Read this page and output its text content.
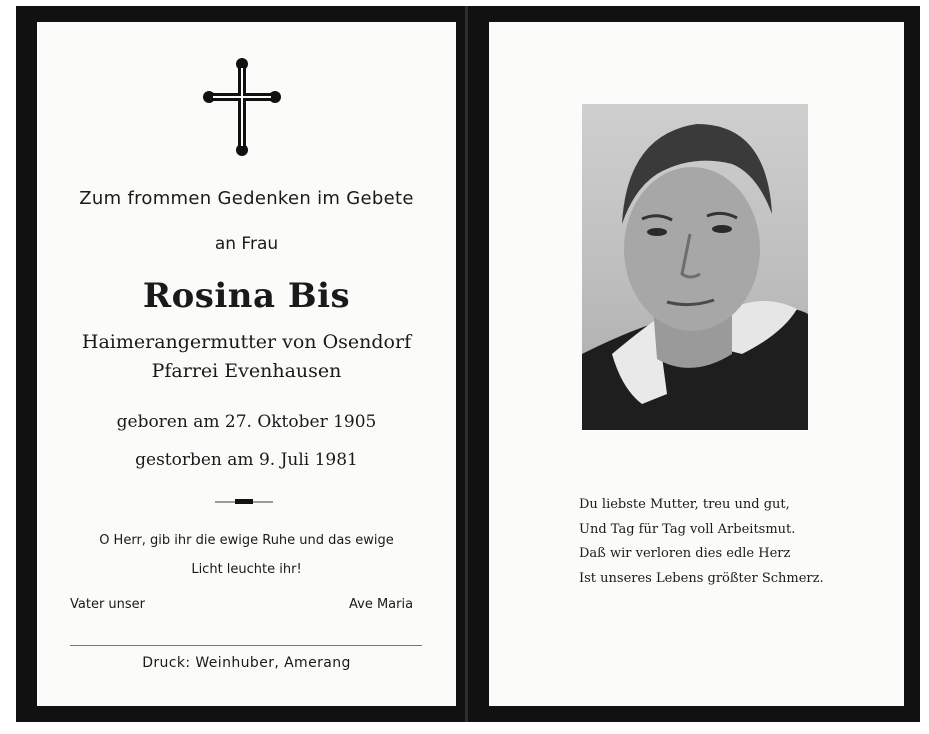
Zum frommen Gedenken im Gebete
an Frau
Rosina Bis
Haimerangermutter von Osendorf
Pfarrei Evenhausen
geboren am 27. Oktober 1905
gestorben am 9. Juli 1981
O Herr, gib ihr die ewige Ruhe und das ewige
Licht leuchte ihr!
Vater unser	Ave Maria
Druck: Weinhuber, Amerang
Du liebste Mutter, treu und gut,
Und Tag für Tag voll Arbeitsmut.
Daß wir verloren dies edle Herz
Ist unseres Lebens größter Schmerz.
